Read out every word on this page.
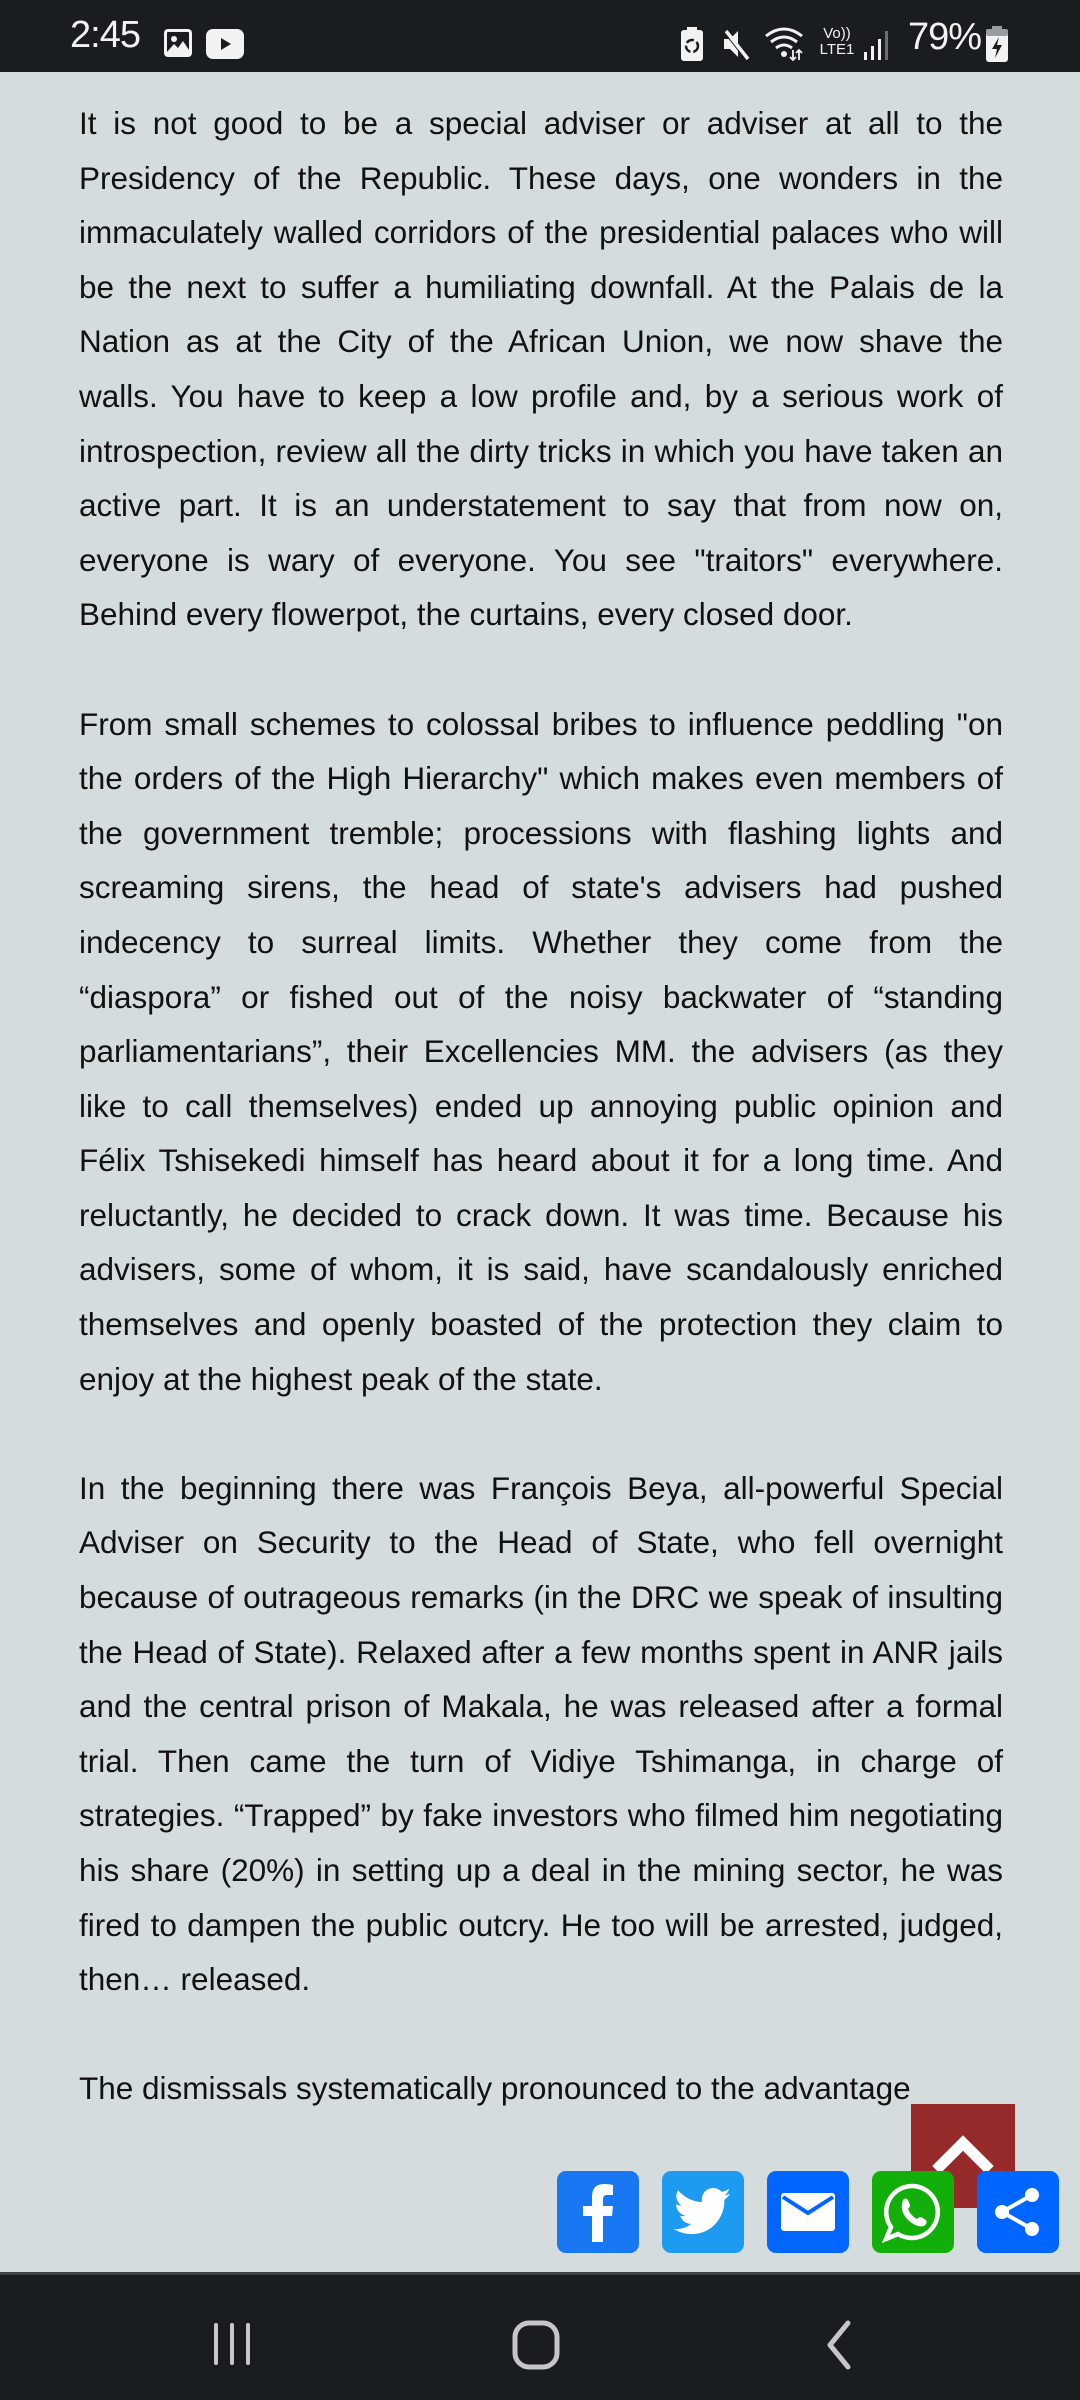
2:45	Vo))
LTE1 79%

It is not good to be a special adviser or adviser at all to the Presidency of the Republic. These days, one wonders in the immaculately walled corridors of the presidential palaces who will be the next to suffer a humiliating downfall. At the Palais de la Nation as at the City of the African Union, we now shave the walls. You have to keep a low profile and, by a serious work of introspection, review all the dirty tricks in which you have taken an active part. It is an understatement to say that from now on, everyone is wary of everyone. You see "traitors" everywhere. Behind every flowerpot, the curtains, every closed door.

From small schemes to colossal bribes to influence peddling "on the orders of the High Hierarchy" which makes even members of the government tremble; processions with flashing lights and screaming sirens, the head of state's advisers had pushed indecency to surreal limits. Whether they come from the “diaspora” or fished out of the noisy backwater of “standing parliamentarians”, their Excellencies MM. the advisers (as they like to call themselves) ended up annoying public opinion and Félix Tshisekedi himself has heard about it for a long time. And reluctantly, he decided to crack down. It was time. Because his advisers, some of whom, it is said, have scandalously enriched themselves and openly boasted of the protection they claim to enjoy at the highest peak of the state.

In the beginning there was François Beya, all-powerful Special Adviser on Security to the Head of State, who fell overnight because of outrageous remarks (in the DRC we speak of insulting the Head of State). Relaxed after a few months spent in ANR jails and the central prison of Makala, he was released after a formal trial. Then came the turn of Vidiye Tshimanga, in charge of strategies. “Trapped” by fake investors who filmed him negotiating his share (20%) in setting up a deal in the mining sector, he was fired to dampen the public outcry. He too will be arrested, judged, then… released.

The dismissals systematically pronounced to the advantage
